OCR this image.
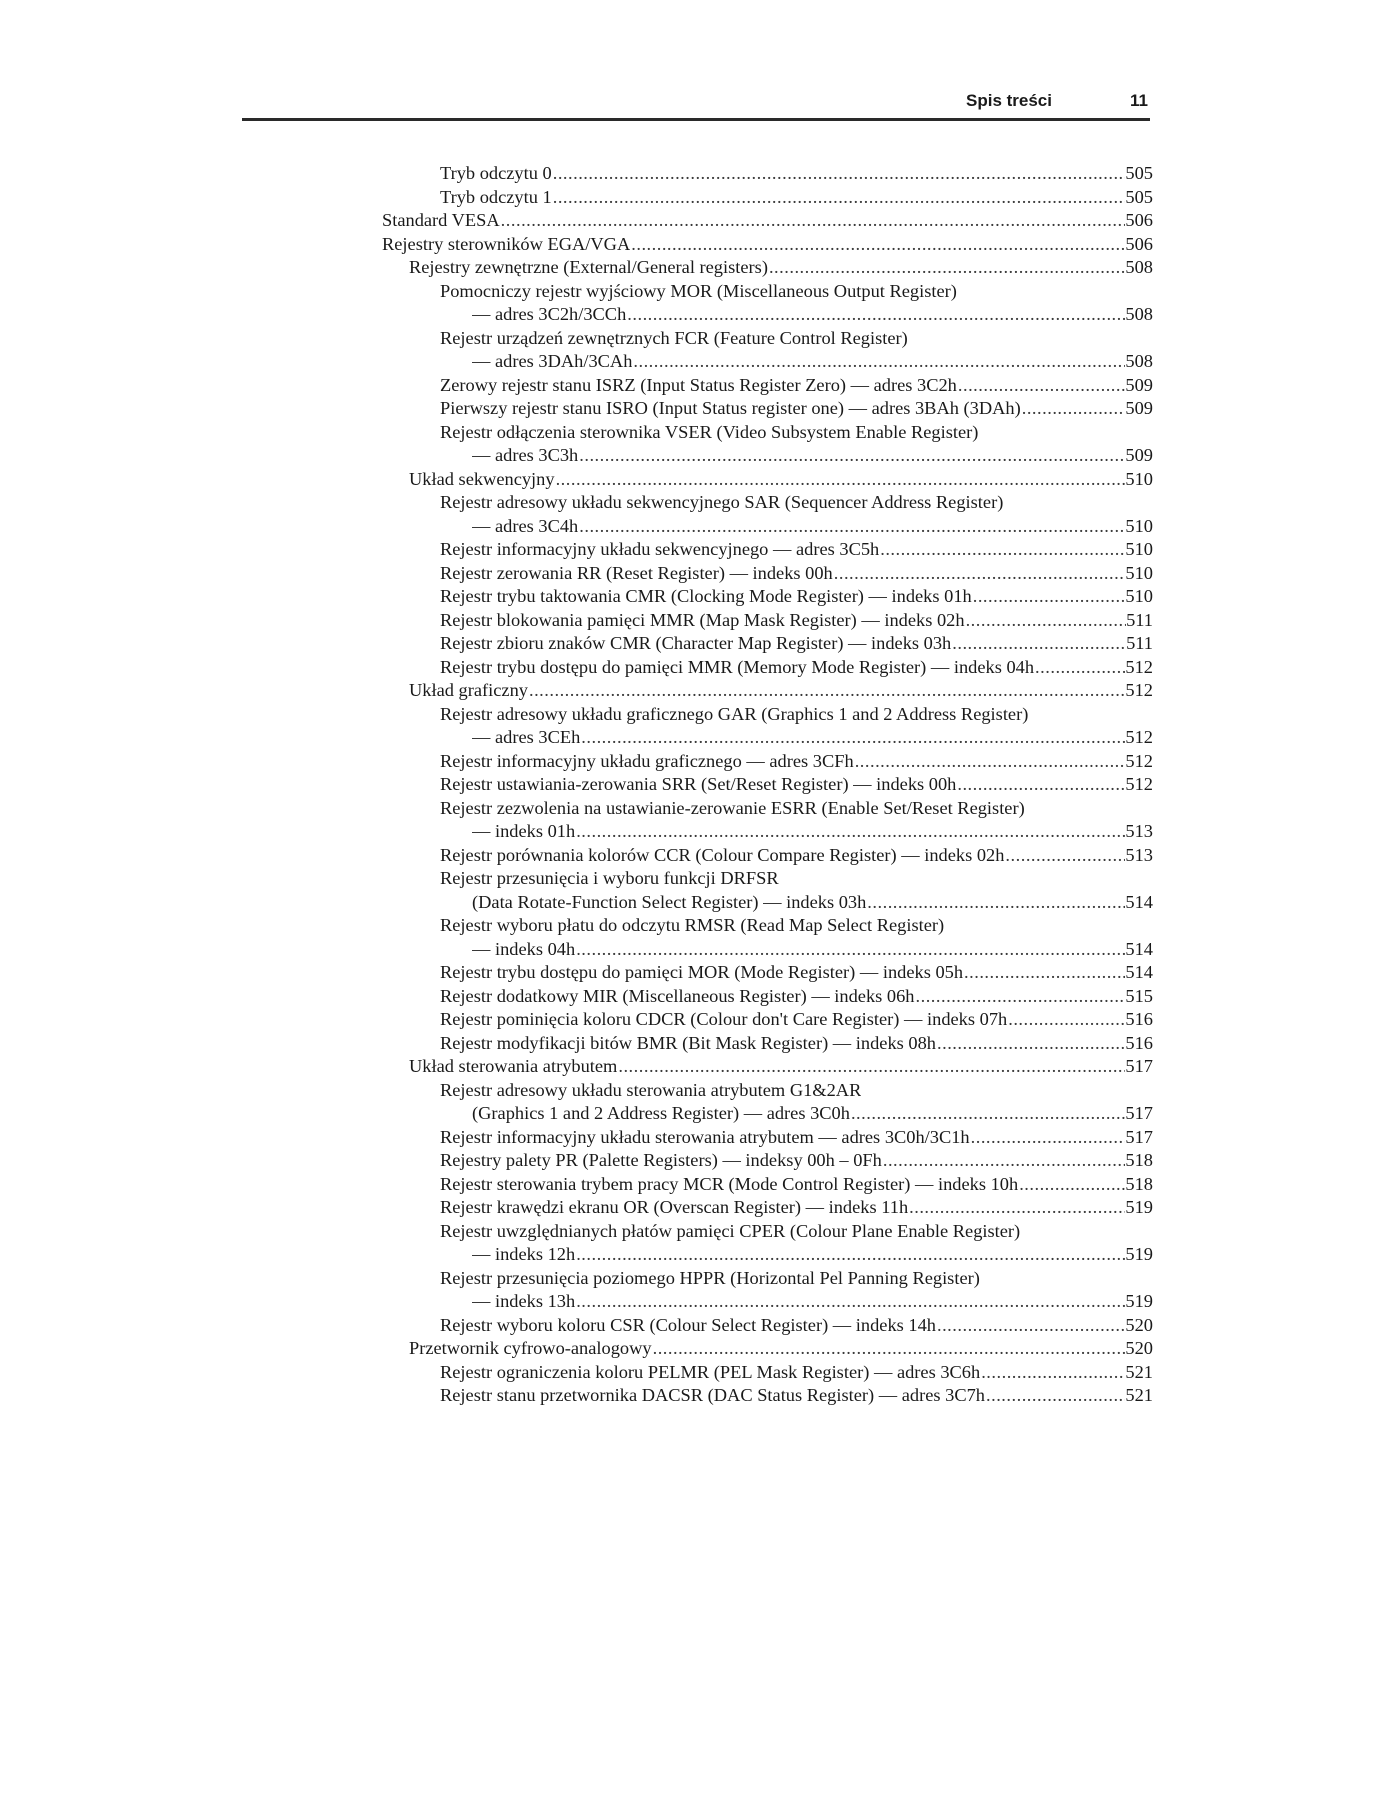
Spis treści	11
Tryb odczytu 0 .....	505
Tryb odczytu 1 .....	505
Standard VESA .....	506
Rejestry sterowników EGA/VGA .....	506
Rejestry zewnętrzne (External/General registers) .....	508
Pomocniczy rejestr wyjściowy MOR (Miscellaneous Output Register)
— adres 3C2h/3CCh .....	508
Rejestr urządzeń zewnętrznych FCR (Feature Control Register)
— adres 3DAh/3CAh .....	508
Zerowy rejestr stanu ISRZ (Input Status Register Zero) — adres 3C2h .....	509
Pierwszy rejestr stanu ISRO (Input Status register one) — adres 3BAh (3DAh) .....	509
Rejestr odłączenia sterownika VSER (Video Subsystem Enable Register)
— adres 3C3h .....	509
Układ sekwencyjny .....	510
Rejestr adresowy układu sekwencyjnego SAR (Sequencer Address Register)
— adres 3C4h .....	510
Rejestr informacyjny układu sekwencyjnego — adres 3C5h .....	510
Rejestr zerowania RR (Reset Register) — indeks 00h .....	510
Rejestr trybu taktowania CMR (Clocking Mode Register) — indeks 01h .....	510
Rejestr blokowania pamięci MMR (Map Mask Register) — indeks 02h .....	511
Rejestr zbioru znaków CMR (Character Map Register) — indeks 03h .....	511
Rejestr trybu dostępu do pamięci MMR (Memory Mode Register) — indeks 04h .....	512
Układ graficzny .....	512
Rejestr adresowy układu graficznego GAR (Graphics 1 and 2 Address Register)
— adres 3CEh .....	512
Rejestr informacyjny układu graficznego — adres 3CFh .....	512
Rejestr ustawiania-zerowania SRR (Set/Reset Register) — indeks 00h .....	512
Rejestr zezwolenia na ustawianie-zerowanie ESRR (Enable Set/Reset Register)
— indeks 01h .....	513
Rejestr porównania kolorów CCR (Colour Compare Register) — indeks 02h .....	513
Rejestr przesunięcia i wyboru funkcji DRFSR
(Data Rotate-Function Select Register) — indeks 03h .....	514
Rejestr wyboru płatu do odczytu RMSR (Read Map Select Register)
— indeks 04h .....	514
Rejestr trybu dostępu do pamięci MOR (Mode Register) — indeks 05h .....	514
Rejestr dodatkowy MIR (Miscellaneous Register) — indeks 06h .....	515
Rejestr pominięcia koloru CDCR (Colour don't Care Register) — indeks 07h .....	516
Rejestr modyfikacji bitów BMR (Bit Mask Register) — indeks 08h .....	516
Układ sterowania atrybutem .....	517
Rejestr adresowy układu sterowania atrybutem G1&2AR
(Graphics 1 and 2 Address Register) — adres 3C0h .....	517
Rejestr informacyjny układu sterowania atrybutem — adres 3C0h/3C1h .....	517
Rejestry palety PR (Palette Registers) — indeksy 00h – 0Fh .....	518
Rejestr sterowania trybem pracy MCR (Mode Control Register) — indeks 10h .....	518
Rejestr krawędzi ekranu OR (Overscan Register) — indeks 11h .....	519
Rejestr uwzględnianych płatów pamięci CPER (Colour Plane Enable Register)
— indeks 12h .....	519
Rejestr przesunięcia poziomego HPPR (Horizontal Pel Panning Register)
— indeks 13h .....	519
Rejestr wyboru koloru CSR (Colour Select Register) — indeks 14h .....	520
Przetwornik cyfrowo-analogowy .....	520
Rejestr ograniczenia koloru PELMR (PEL Mask Register) — adres 3C6h .....	521
Rejestr stanu przetwornika DACSR (DAC Status Register) — adres 3C7h .....	521
